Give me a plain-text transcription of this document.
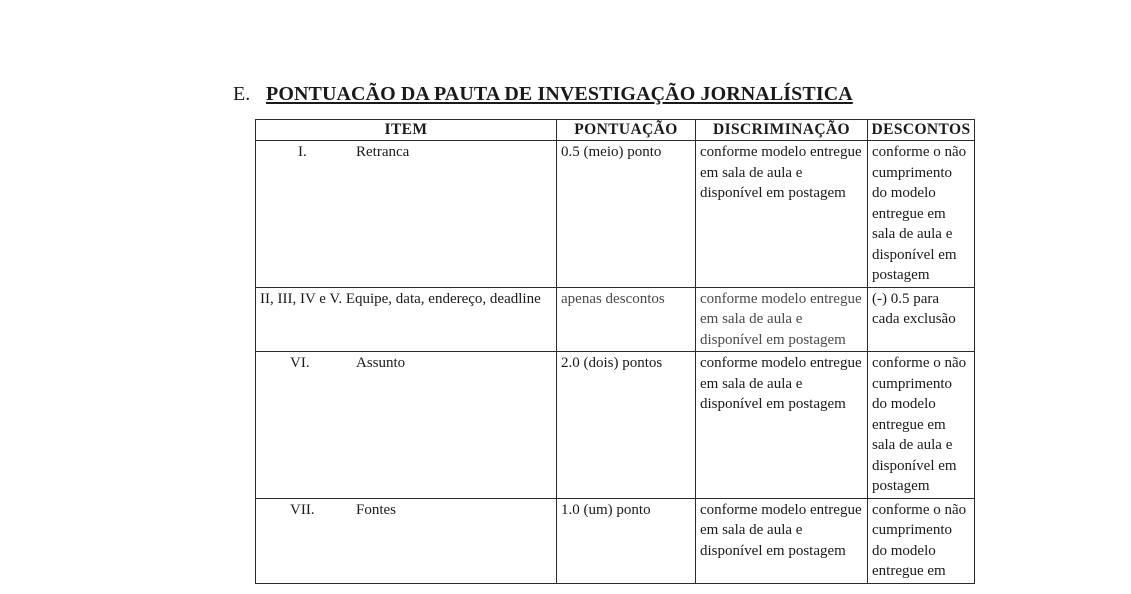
E. PONTUACÃO DA PAUTA DE INVESTIGAÇÃO JORNALÍSTICA
ITEM	PONTUAÇÃO	DISCRIMINAÇÃO	DESCONTOS
I. Retranca	0.5 (meio) ponto	conforme modelo entregue em sala de aula e disponível em postagem	conforme o não cumprimento do modelo entregue em sala de aula e disponível em postagem
II, III, IV e V. Equipe, data, endereço, deadline	apenas descontos	conforme modelo entregue em sala de aula e disponível em postagem	(-) 0.5 para cada exclusão
VI. Assunto	2.0 (dois) pontos	conforme modelo entregue em sala de aula e disponível em postagem	conforme o não cumprimento do modelo entregue em sala de aula e disponível em postagem
VII. Fontes	1.0 (um) ponto	conforme modelo entregue em sala de aula e disponível em postagem	conforme o não cumprimento do modelo entregue em
